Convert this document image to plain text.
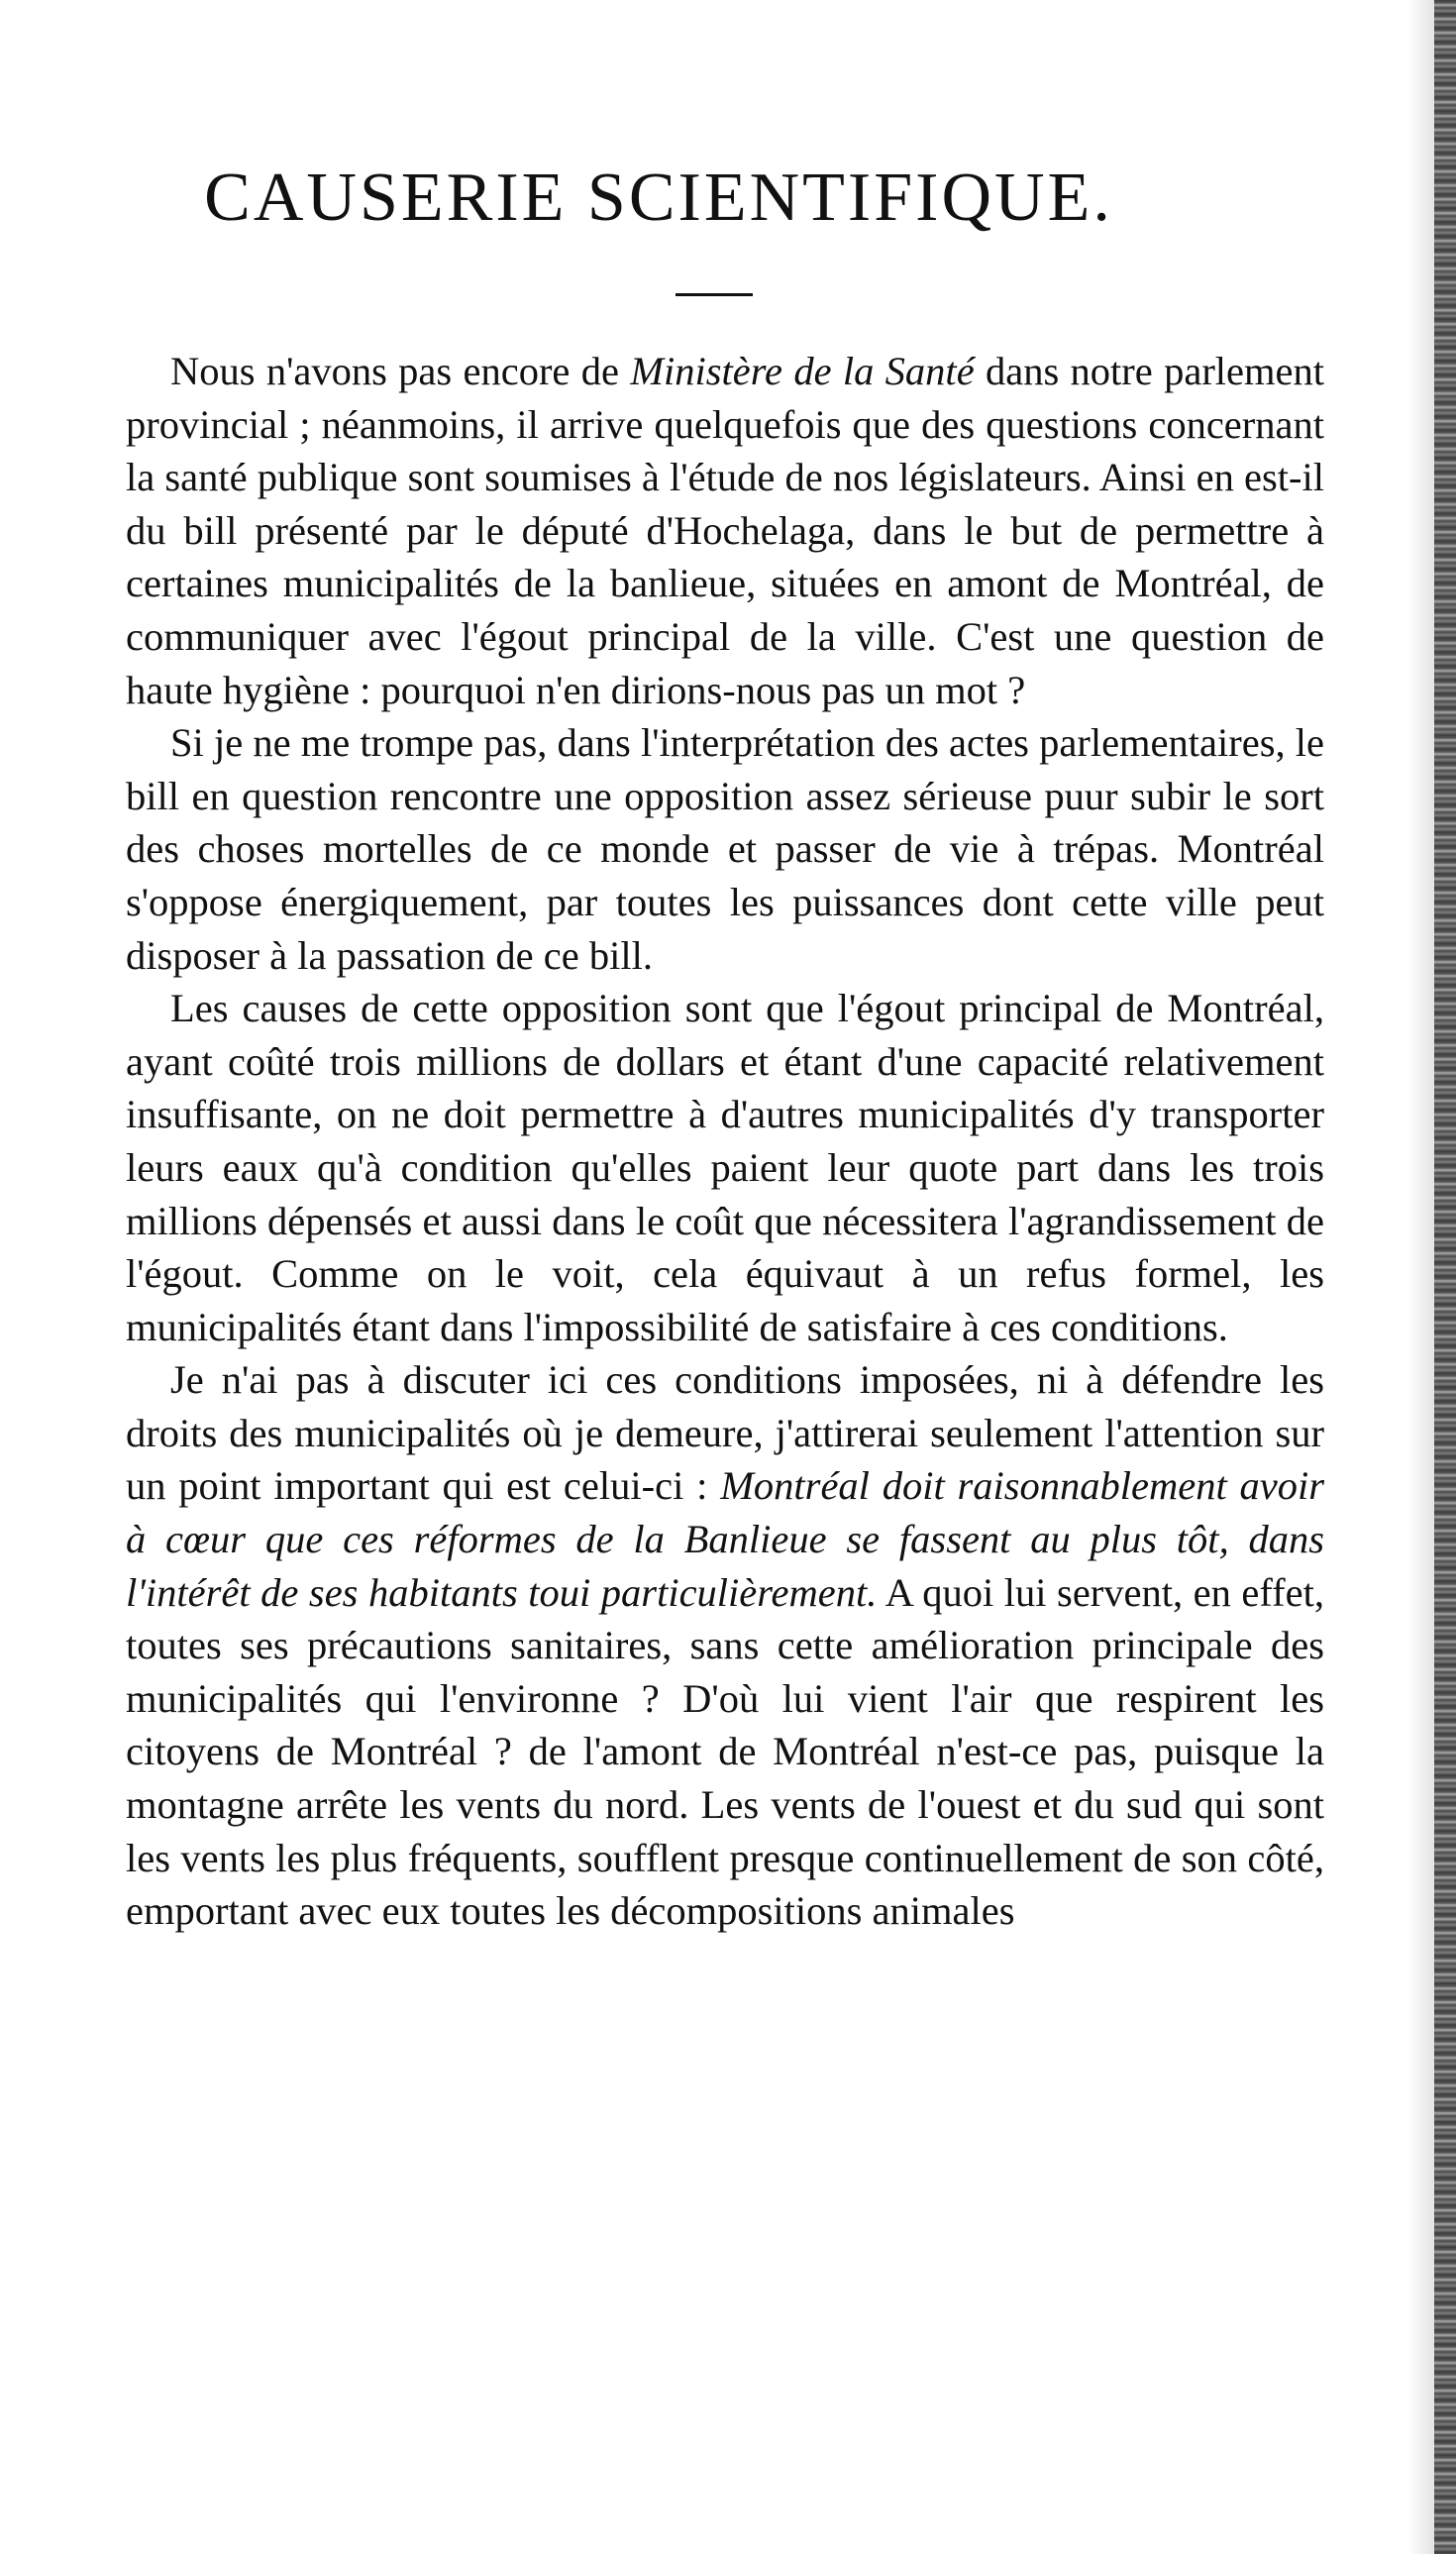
CAUSERIE SCIENTIFIQUE.

Nous n'avons pas encore de Ministère de la Santé dans notre parlement provincial ; néanmoins, il arrive quelquefois que des questions concernant la santé publique sont soumises à l'étude de nos législateurs. Ainsi en est-il du bill présenté par le député d'Hochelaga, dans le but de permettre à certaines municipalités de la banlieue, situées en amont de Montréal, de communiquer avec l'égout principal de la ville. C'est une question de haute hygiène : pourquoi n'en dirions-nous pas un mot ?

Si je ne me trompe pas, dans l'interprétation des actes parlementaires, le bill en question rencontre une opposition assez sérieuse puur subir le sort des choses mortelles de ce monde et passer de vie à trépas. Montréal s'oppose énergiquement, par toutes les puissances dont cette ville peut disposer à la passation de ce bill.

Les causes de cette opposition sont que l'égout principal de Montréal, ayant coûté trois millions de dollars et étant d'une capacité relativement insuffisante, on ne doit permettre à d'autres municipalités d'y transporter leurs eaux qu'à condition qu'elles paient leur quote part dans les trois millions dépensés et aussi dans le coût que nécessitera l'agrandissement de l'égout. Comme on le voit, cela équivaut à un refus formel, les municipalités étant dans l'impossibilité de satisfaire à ces conditions.

Je n'ai pas à discuter ici ces conditions imposées, ni à défendre les droits des municipalités où je demeure, j'attirerai seulement l'attention sur un point important qui est celui-ci : Montréal doit raisonnablement avoir à cœur que ces réformes de la Banlieue se fassent au plus tôt, dans l'intérêt de ses habitants toui particulièrement. A quoi lui servent, en effet, toutes ses précautions sanitaires, sans cette amélioration principale des municipalités qui l'environne ? D'où lui vient l'air que respirent les citoyens de Montréal ? de l'amont de Montréal n'est-ce pas, puisque la montagne arrête les vents du nord. Les vents de l'ouest et du sud qui sont les vents les plus fréquents, soufflent presque continuellement de son côté, emportant avec eux toutes les décompositions animales
